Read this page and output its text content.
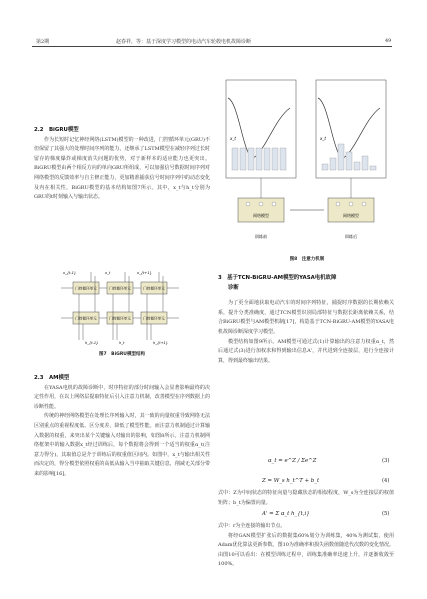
第2期	赵春祥，等：基于深度学习模型的电动汽车轮毂电机故障诊断	49
2.2　BiGRU模型

作为长短时记忆神经网络(LSTM)模型的一种改进，门控循环单元(GRU)不但保留了其强大的处理时间序列的能力，还继承了LSTM模型在减轻序列过长时留存的梯度爆炸或梯度消失问题的优势，对于新样本的适应能力也更突出。BiGRU模型由两个相反方向的单向GRU所组成，可以加强信号数据时间序列对网络模型的反馈效率与自主修正能力，更加精准捕获信号时间序列中的动态变化及内在相关性，BiGRU模型的基本结构如图7所示。其中，x_t与h_t分别为GRU的t时刻输入与输出状态。

门控循环单元	门控循环单元	门控循环单元
门控循环单元	门控循环单元	门控循环单元
x_{t-1}	x_t	x_{t+1}
h_{t-1}	h_t	h_{t+1}
图7　BiGRU模型结构
2.3　AM模型

在YASA电机的故障诊断中，时序特征的部分时间输入会显著影响最终的决定性作用，在以上网络层提取特征后引入注意力机制，改善模型在序列数据上的诊断性能。

传统的神经网络模型在处理长序列输入时，其一致的向量权重导致网络无法区别重点的重视程度低、区分度差，降低了模型性能。而注意力机制通过计算输入数据的权重，来突出某个关键输入对输出的影响，如图8所示。注意力机制网络框架中的输入数据x_t经过训练后，每个数据将会得到一个适当的权重α_t(注意力得分)，其取值总是介于训练后的权重值区间内。如图中，x_t与输出相关性而决定的，得分模型依照权重的高低从输入当中抽取关键信息，削减无关部分带来的影响[16]。

x_t	x_t
网络模型	网络模型
训练前	训练后
图8　注意力机制
3　基于TCN-BiGRU-AM模型的YASA电机故障
诊断

为了更全面地获取电动汽车的时间序列特征，捕捉时序数据的长期依赖关系，提升分类准确度，通过TCN模型识别局部特征与数据长距离依赖关系，结合BiGRU模型与AM模型机制[17]，构造基于TCN-BiGRU-AM模型的YASA电机故障诊断深度学习模型。

模型结构如图9所示。AM模型可通过式(1)计算输出的注意力权重α_t，然后通过式(3)进行加权求和得到输出信息A'，并代进到全连接层，进行全连接计算，得到最终输出结果。

α_t = e^Z / Σe^Z	(3)
Z = W_s h_t^T + b_t	(4)

式中：Z为中间状态的特征向量与隐藏状态的相似程度，W_s为全连接层的权值矩阵；b_t为偏置向量。

A' = Σ α_t h_{t,i}	(5)

式中：r为全连接的输出节点。

将经GAN模型扩张后的数据集60%划分为训练集，40%为测试集，使用Adam优化算法更新参数。图10为准确率和损失函数值随迭代次数的变化情况。由图10可以看出：在模型训练过程中，训练集准确率迅速上升，并逐渐收敛至100%。
